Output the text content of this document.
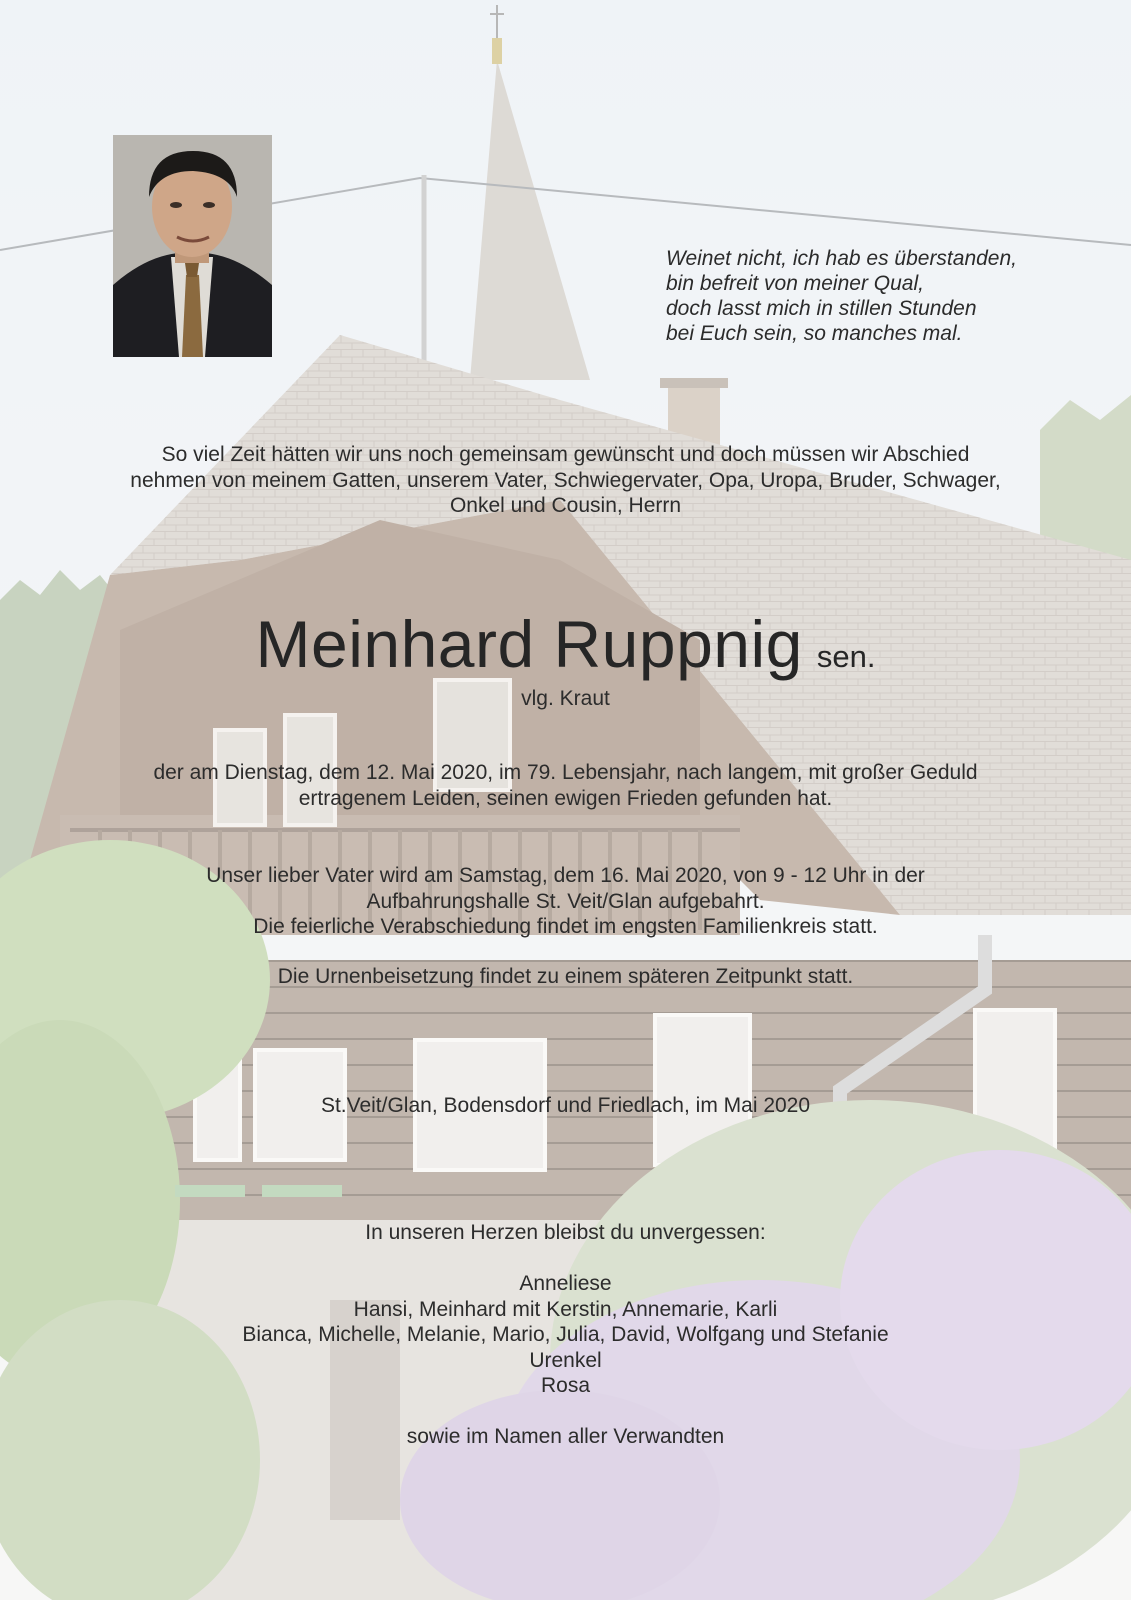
Weinet nicht, ich hab es überstanden,
bin befreit von meiner Qual,
doch lasst mich in stillen Stunden
bei Euch sein, so manches mal.
So viel Zeit hätten wir uns noch gemeinsam gewünscht und doch müssen wir Abschied
nehmen von meinem Gatten, unserem Vater, Schwiegervater, Opa, Uropa, Bruder, Schwager,
Onkel und Cousin, Herrn
Meinhard Ruppnig sen.
vlg. Kraut
der am Dienstag, dem 12. Mai 2020, im 79. Lebensjahr, nach langem, mit großer Geduld
ertragenem Leiden, seinen ewigen Frieden gefunden hat.
Unser lieber Vater wird am Samstag, dem 16. Mai 2020, von 9 - 12 Uhr in der
Aufbahrungshalle St. Veit/Glan aufgebahrt.
Die feierliche Verabschiedung findet im engsten Familienkreis statt.
Die Urnenbeisetzung findet zu einem späteren Zeitpunkt statt.
St.Veit/Glan, Bodensdorf und Friedlach, im Mai 2020
In unseren Herzen bleibst du unvergessen:
Anneliese
Hansi, Meinhard mit Kerstin, Annemarie, Karli
Bianca, Michelle, Melanie, Mario, Julia, David, Wolfgang und Stefanie
Urenkel
Rosa
sowie im Namen aller Verwandten
